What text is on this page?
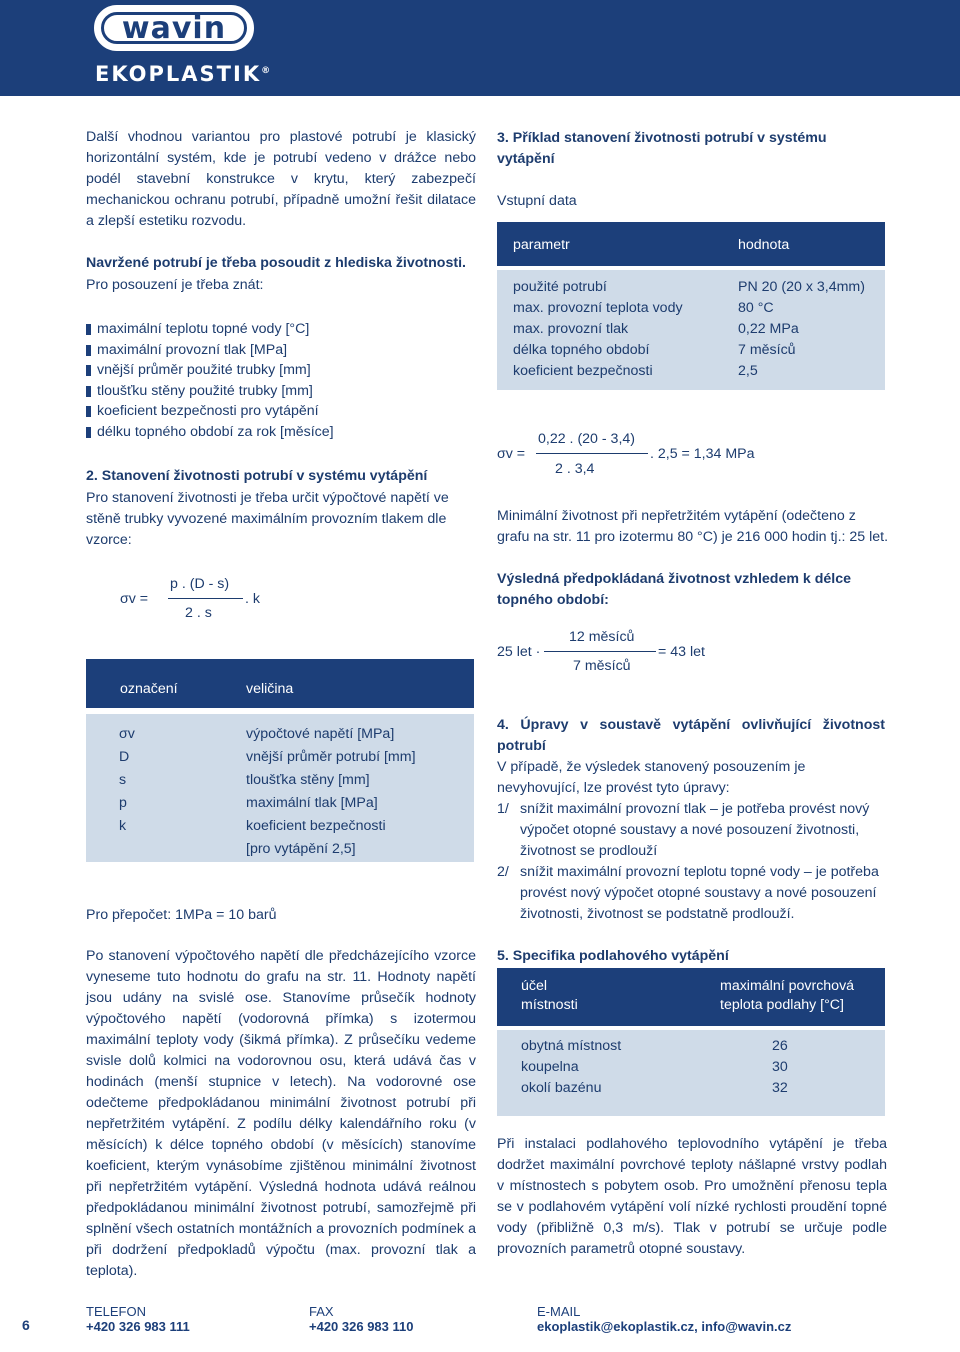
wavin
EKOPLASTIK®
Další vhodnou variantou pro plastové potrubí je klasický horizontální systém, kde je potrubí vedeno v drážce nebo podél stavební konstrukce v krytu, který zabezpečí mechanickou ochranu potrubí, případně umožní řešit dilatace a zlepší estetiku rozvodu.
Navržené potrubí je třeba posoudit z hlediska životnosti.
Pro posouzení je třeba znát:
maximální teplotu topné vody [°C]
maximální provozní tlak [MPa]
vnější průměr použité trubky [mm]
tloušťku stěny použité trubky [mm]
koeficient bezpečnosti pro vytápění
délku topného období za rok [měsíce]
2. Stanovení životnosti potrubí v systému vytápění
Pro stanovení životnosti je třeba určit výpočtové napětí ve stěně trubky vyvozené maximálním provozním tlakem dle vzorce:
σv =
p . (D - s)
2 . s
. k
označení	veličina
σv
D
s
p
k
výpočtové napětí [MPa]
vnější průměr potrubí [mm]
tloušťka stěny [mm]
maximální tlak [MPa]
koeficient bezpečnosti
[pro vytápění 2,5]
Pro přepočet: 1MPa = 10 barů
Po stanovení výpočtového napětí dle předcházejícího vzorce vyneseme tuto hodnotu do grafu na str. 11. Hodnoty napětí jsou udány na svislé ose. Stanovíme průsečík hodnoty výpočtového napětí (vodorovná přímka) s izotermou maximální teploty vody (šikmá přímka). Z průsečíku vedeme svisle dolů kolmici na vodorovnou osu, která udává čas v hodinách (menší stupnice v letech). Na vodorovné ose odečteme předpokládanou minimální životnost potrubí při nepřetržitém vytápění. Z podílu délky kalendářního roku (v měsících) k délce topného období (v měsících) stanovíme koeficient, kterým vynásobíme zjištěnou minimální životnost při nepřetržitém vytápění. Výsledná hodnota udává reálnou předpokládanou minimální životnost potrubí, samozřejmě při splnění všech ostatních montážních a provozních podmínek a při dodržení předpokladů výpočtu (max. provozní tlak a teplota).
3. Příklad stanovení životnosti potrubí v systému vytápění
Vstupní data
parametr	hodnota
použité potrubí
max. provozní teplota vody
max. provozní tlak
délka topného období
koeficient bezpečnosti
PN 20 (20 x 3,4mm)
80 °C
0,22 MPa
7 měsíců
2,5
σv =
0,22 . (20 - 3,4)
2 . 3,4
. 2,5 = 1,34 MPa
Minimální životnost při nepřetržitém vytápění (odečteno z grafu na str. 11 pro izotermu 80 °C) je 216 000 hodin tj.: 25 let.
Výsledná předpokládaná životnost vzhledem k délce topného období:
25 let ·
12 měsíců
7 měsíců
= 43 let
4. Úpravy v soustavě vytápění ovlivňující životnost potrubí
V případě, že výsledek stanovený posouzením je nevyhovující, lze provést tyto úpravy:
1/ snížit maximální provozní tlak – je potřeba provést nový výpočet otopné soustavy a nové posouzení životnosti, životnost se prodlouží
2/ snížit maximální provozní teplotu topné vody – je potřeba provést nový výpočet otopné soustavy a nové posouzení životnosti, životnost se podstatně prodlouží.
5. Specifika podlahového vytápění
účel
místnosti
maximální povrchová
teplota podlahy [°C]
obytná místnost
koupelna
okolí bazénu
26
30
32
Při instalaci podlahového teplovodního vytápění je třeba dodržet maximální povrchové teploty nášlapné vrstvy podlah v místnostech s pobytem osob. Pro umožnění přenosu tepla se v podlahovém vytápění volí nízké rychlosti proudění topné vody (přibližně 0,3 m/s). Tlak v potrubí se určuje podle provozních parametrů otopné soustavy.
6
TELEFON
+420 326 983 111
FAX
+420 326 983 110
E-MAIL
ekoplastik@ekoplastik.cz, info@wavin.cz
